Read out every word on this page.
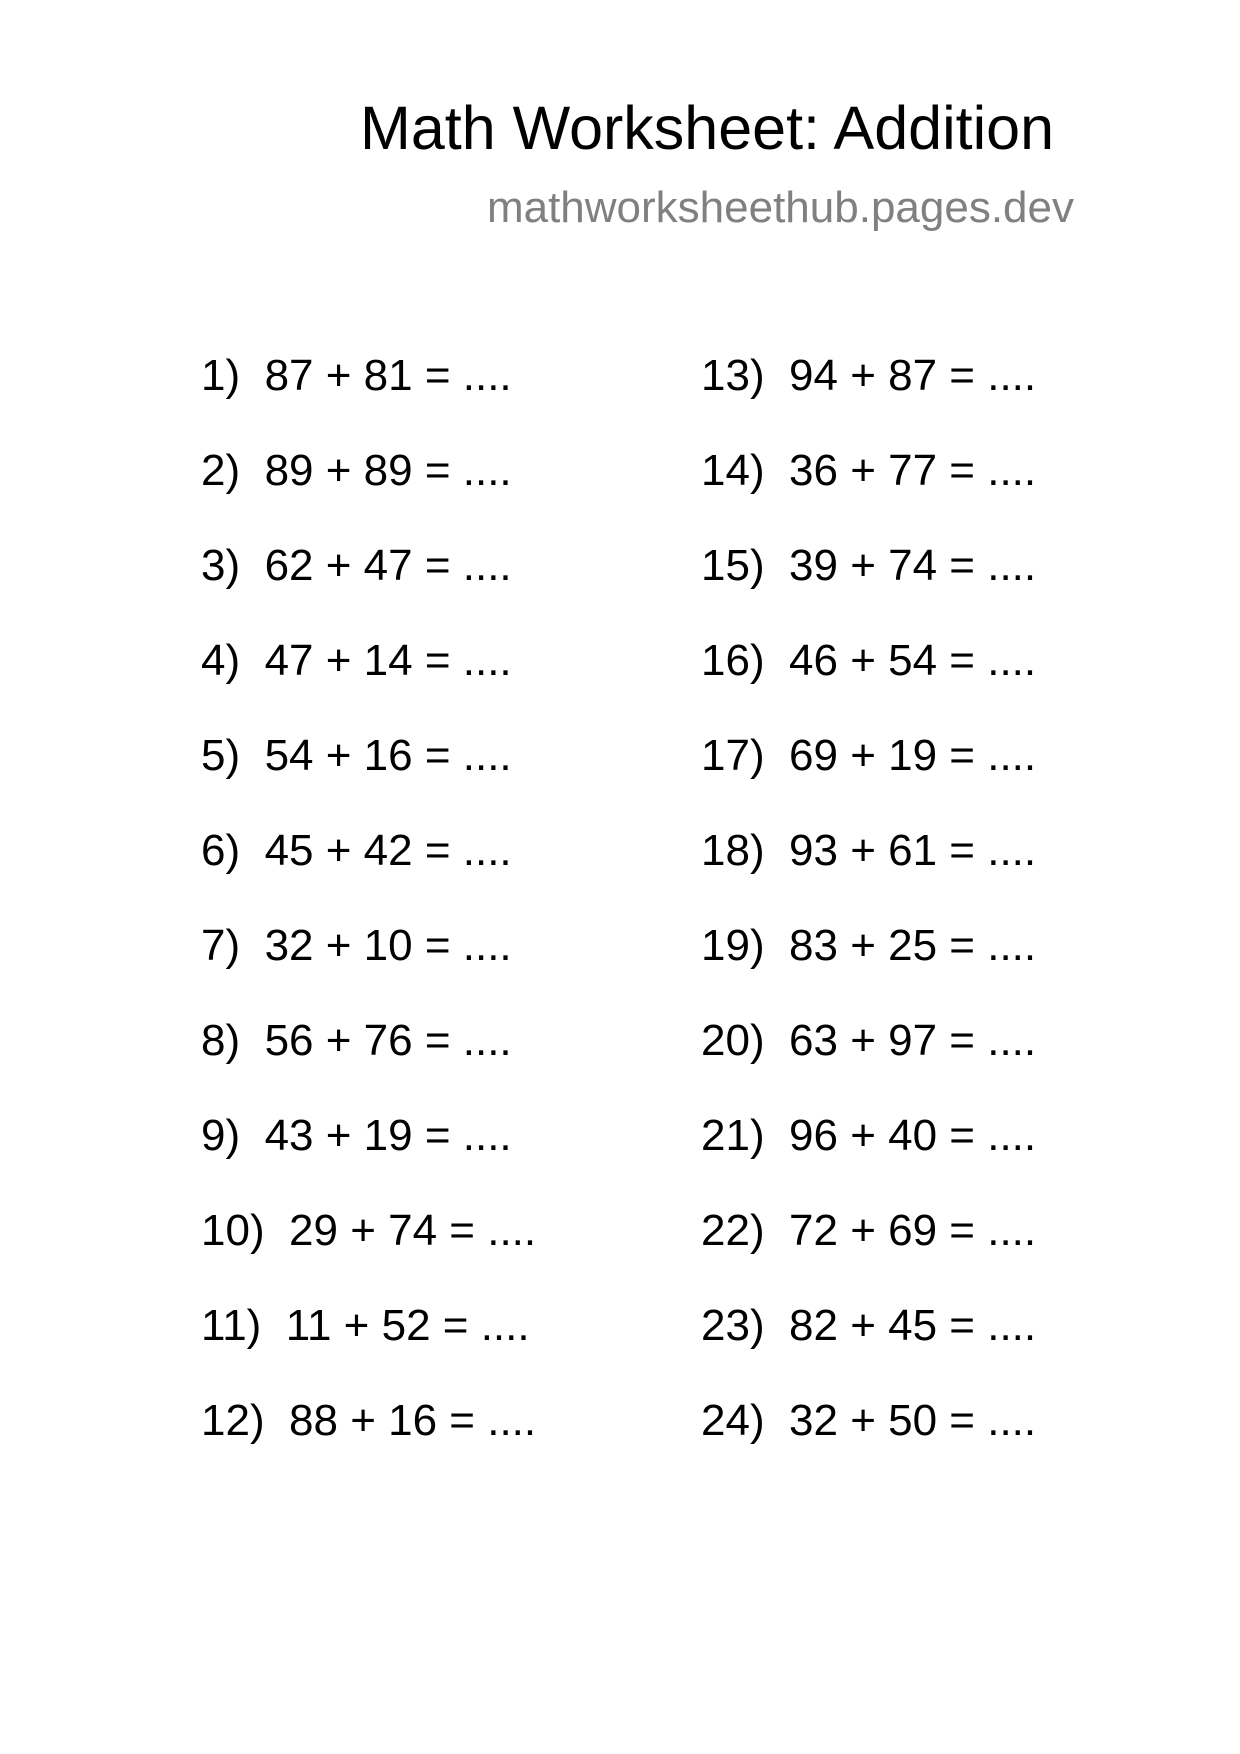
Math Worksheet: Addition
mathworksheethub.pages.dev
1) 87 + 81 = ....
2) 89 + 89 = ....
3) 62 + 47 = ....
4) 47 + 14 = ....
5) 54 + 16 = ....
6) 45 + 42 = ....
7) 32 + 10 = ....
8) 56 + 76 = ....
9) 43 + 19 = ....
10) 29 + 74 = ....
11) 11 + 52 = ....
12) 88 + 16 = ....
13) 94 + 87 = ....
14) 36 + 77 = ....
15) 39 + 74 = ....
16) 46 + 54 = ....
17) 69 + 19 = ....
18) 93 + 61 = ....
19) 83 + 25 = ....
20) 63 + 97 = ....
21) 96 + 40 = ....
22) 72 + 69 = ....
23) 82 + 45 = ....
24) 32 + 50 = ....
